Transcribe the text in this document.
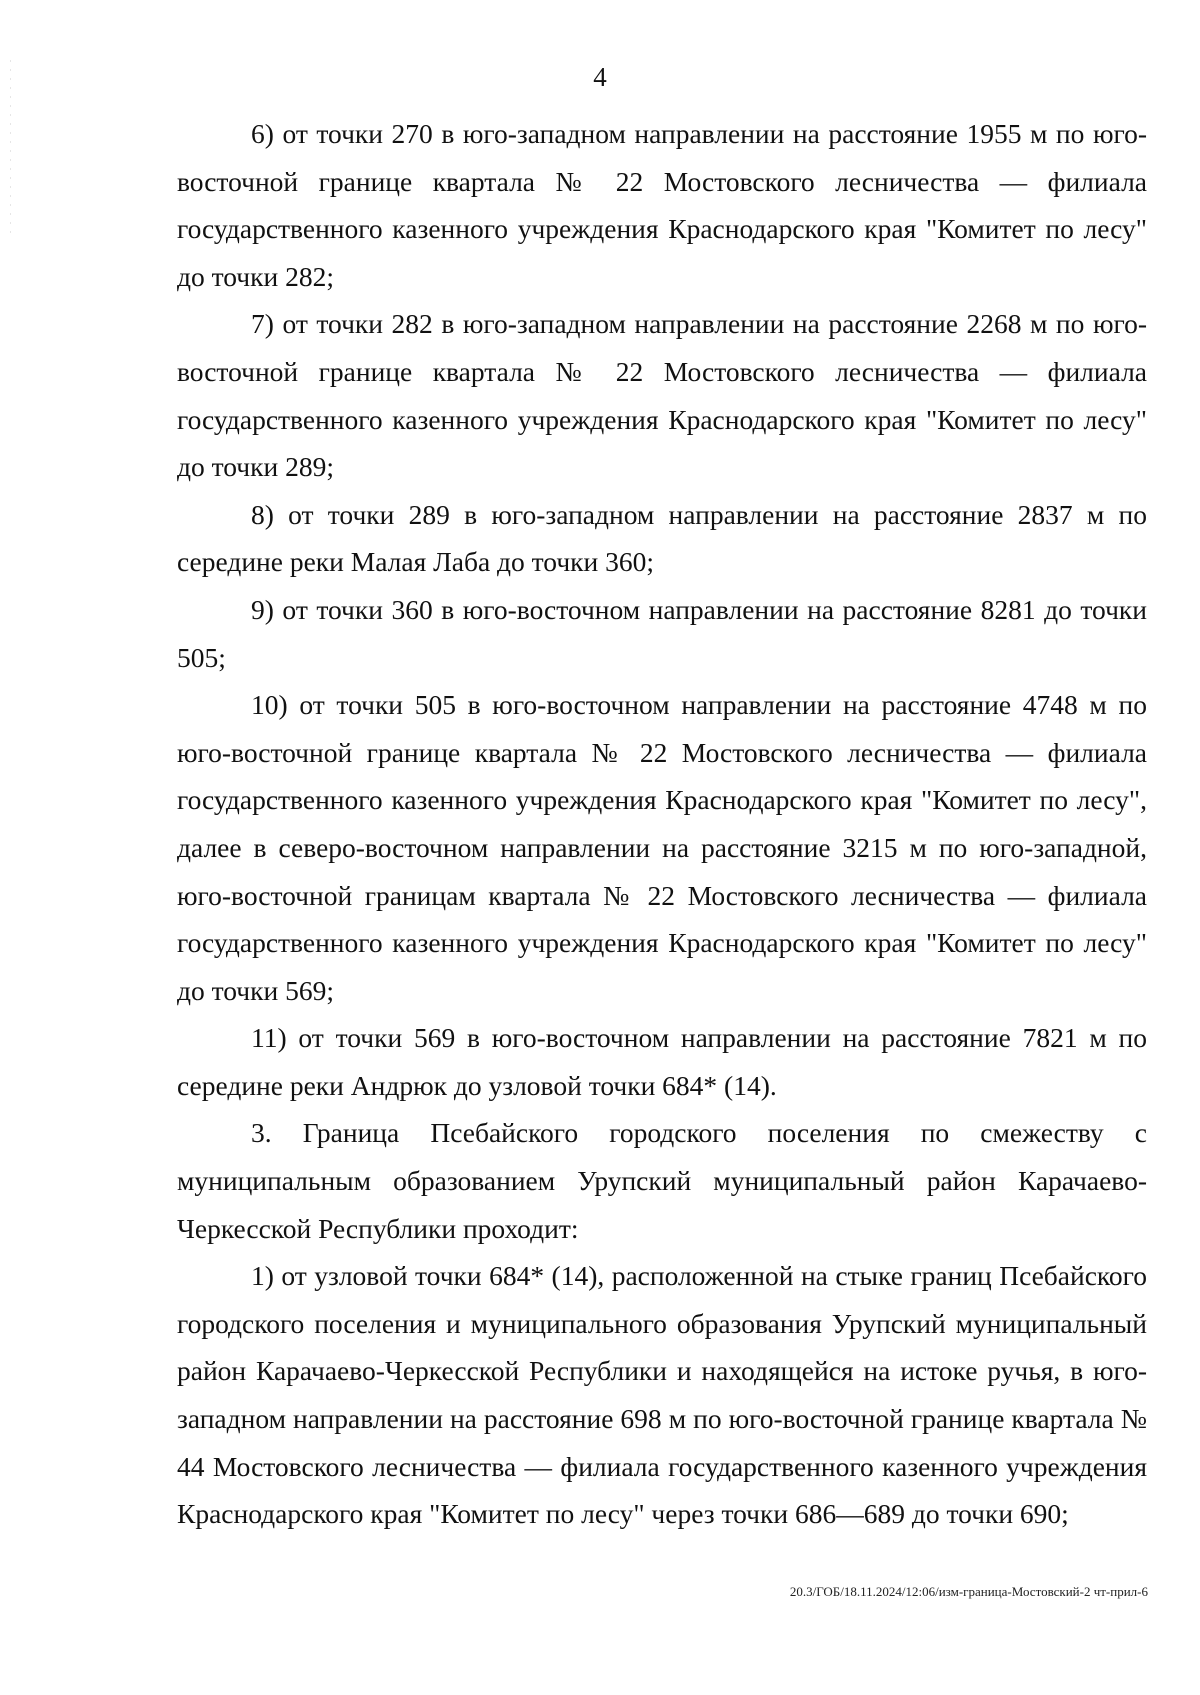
4

6) от точки 270 в юго-западном направлении на расстояние 1955 м по юго-восточной границе квартала № 22 Мостовского лесничества — филиала государственного казенного учреждения Краснодарского края "Комитет по лесу" до точки 282;

7) от точки 282 в юго-западном направлении на расстояние 2268 м по юго-восточной границе квартала № 22 Мостовского лесничества — филиала государственного казенного учреждения Краснодарского края "Комитет по лесу" до точки 289;

8) от точки 289 в юго-западном направлении на расстояние 2837 м по середине реки Малая Лаба до точки 360;

9) от точки 360 в юго-восточном направлении на расстояние 8281 до точки 505;

10) от точки 505 в юго-восточном направлении на расстояние 4748 м по юго-восточной границе квартала № 22 Мостовского лесничества — филиала государственного казенного учреждения Краснодарского края "Комитет по лесу", далее в северо-восточном направлении на расстояние 3215 м по юго-западной, юго-восточной границам квартала № 22 Мостовского лесничества — филиала государственного казенного учреждения Краснодарского края "Комитет по лесу" до точки 569;

11) от точки 569 в юго-восточном направлении на расстояние 7821 м по середине реки Андрюк до узловой точки 684* (14).

3. Граница Псебайского городского поселения по смежеству с муниципальным образованием Урупский муниципальный район Карачаево-Черкесской Республики проходит:

1) от узловой точки 684* (14), расположенной на стыке границ Псебайского городского поселения и муниципального образования Урупский муниципальный район Карачаево-Черкесской Республики и находящейся на истоке ручья, в юго-западном направлении на расстояние 698 м по юго-восточной границе квартала № 44 Мостовского лесничества — филиала государственного казенного учреждения Краснодарского края "Комитет по лесу" через точки 686—689 до точки 690;

20.3/ГОБ/18.11.2024/12:06/изм-граница-Мостовский-2 чт-прил-6
